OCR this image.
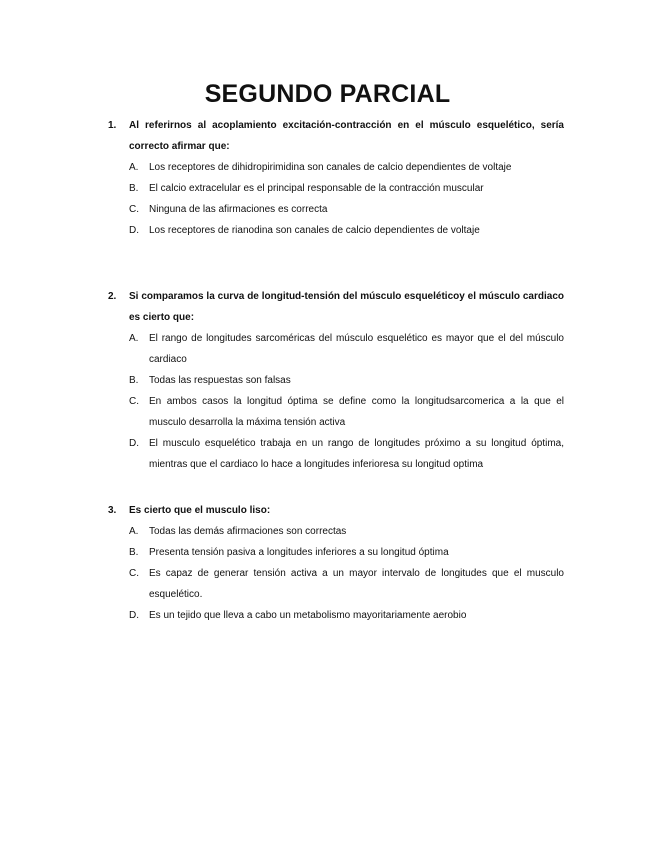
SEGUNDO PARCIAL
1. Al referirnos al acoplamiento excitación-contracción en el músculo esquelético, sería correcto afirmar que:
A. Los receptores de dihidropirimidina son canales de calcio dependientes de voltaje
B. El calcio extracelular es el principal responsable de la contracción muscular
C. Ninguna de las afirmaciones es correcta
D. Los receptores de rianodina son canales de calcio dependientes de voltaje
2. Si comparamos la curva de longitud-tensión del músculo esqueléticoy el músculo cardiaco es cierto que:
A. El rango de longitudes sarcoméricas del músculo esquelético es mayor que el del músculo cardiaco
B. Todas las respuestas son falsas
C. En ambos casos la longitud óptima se define como la longitudsarcomerica a la que el musculo desarrolla la máxima tensión activa
D. El musculo esquelético trabaja en un rango de longitudes próximo a su longitud óptima, mientras que el cardiaco lo hace a longitudes inferioresa su longitud optima
3. Es cierto que el musculo liso:
A. Todas las demás afirmaciones son correctas
B. Presenta tensión pasiva a longitudes inferiores a su longitud óptima
C. Es capaz de generar tensión activa a un mayor intervalo de longitudes que el musculo esquelético.
D. Es un tejido que lleva a cabo un metabolismo mayoritariamente aerobio
